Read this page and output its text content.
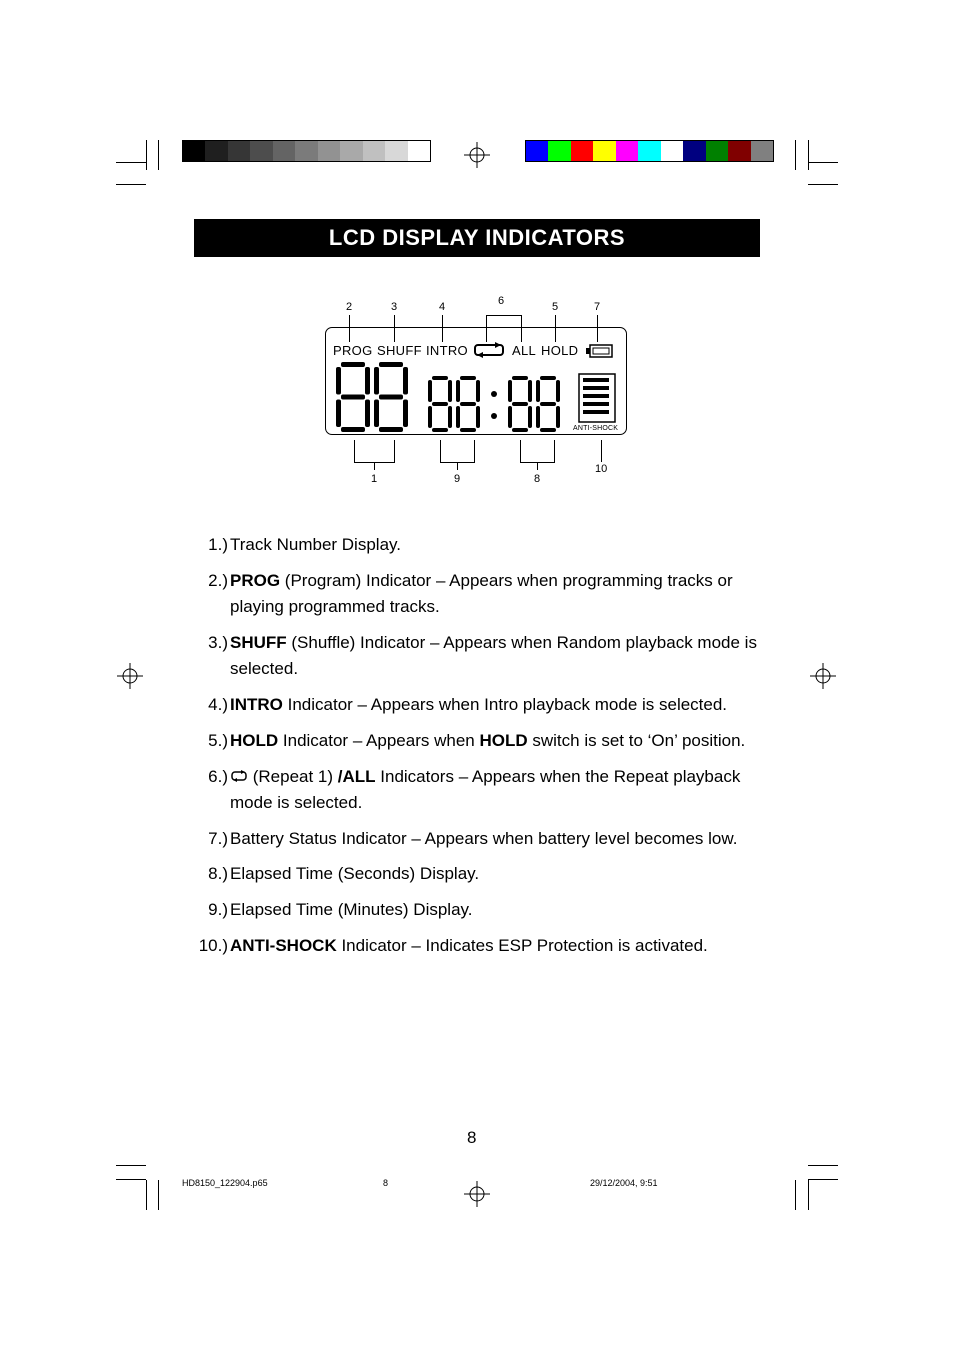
LCD DISPLAY INDICATORS
PROG SHUFF INTRO	ALL HOLD
ANTI-SHOCK
2	3	4	6	5	7
1	9	8
10
1.) Track Number Display.
2.) PROG (Program) Indicator – Appears when programming tracks or playing programmed tracks.
3.) SHUFF (Shuffle) Indicator – Appears when Random playback mode is selected.
4.) INTRO Indicator – Appears when Intro playback mode is selected.
5.) HOLD Indicator – Appears when HOLD switch is set to ‘On’ position.
6.)	(Repeat 1) /ALL Indicators – Appears when the Repeat playback mode is selected.
7.) Battery Status Indicator – Appears when battery level becomes low.
8.) Elapsed Time (Seconds) Display.
9.) Elapsed Time (Minutes) Display.
10.) ANTI-SHOCK Indicator – Indicates ESP Protection is activated.
8
HD8150_122904.p65	8	29/12/2004, 9:51
